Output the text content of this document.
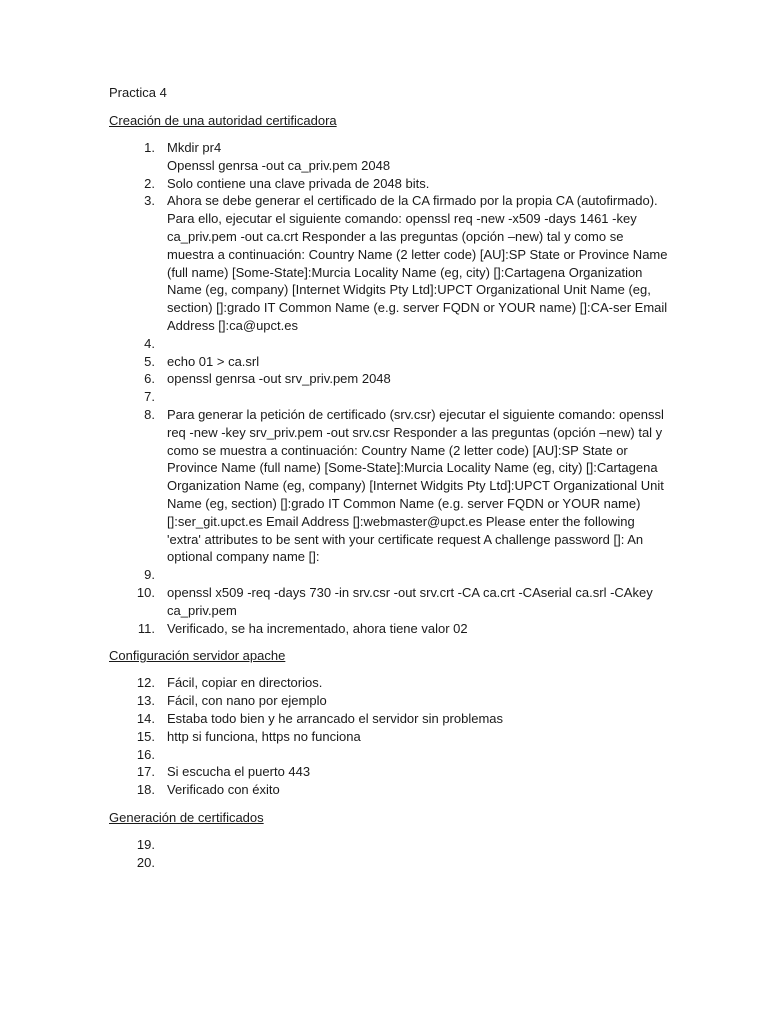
Practica 4

Creación de una autoridad certificadora

1. Mkdir pr4
Openssl genrsa -out ca_priv.pem 2048
2. Solo contiene una clave privada de 2048 bits.
3. Ahora se debe generar el certificado de la CA firmado por la propia CA (autofirmado). Para ello, ejecutar el siguiente comando: openssl req -new -x509 -days 1461 -key ca_priv.pem -out ca.crt Responder a las preguntas (opción –new) tal y como se muestra a continuación: Country Name (2 letter code) [AU]:SP State or Province Name (full name) [Some-State]:Murcia Locality Name (eg, city) []:Cartagena Organization Name (eg, company) [Internet Widgits Pty Ltd]:UPCT Organizational Unit Name (eg, section) []:grado IT Common Name (e.g. server FQDN or YOUR name) []:CA-ser Email Address []:ca@upct.es
4.
5. echo 01 > ca.srl
6. openssl genrsa -out srv_priv.pem 2048
7.
8. Para generar la petición de certificado (srv.csr) ejecutar el siguiente comando: openssl req -new -key srv_priv.pem -out srv.csr Responder a las preguntas (opción –new) tal y como se muestra a continuación: Country Name (2 letter code) [AU]:SP State or Province Name (full name) [Some-State]:Murcia Locality Name (eg, city) []:Cartagena Organization Name (eg, company) [Internet Widgits Pty Ltd]:UPCT Organizational Unit Name (eg, section) []:grado IT Common Name (e.g. server FQDN or YOUR name) []:ser_git.upct.es Email Address []:webmaster@upct.es Please enter the following 'extra' attributes to be sent with your certificate request A challenge password []: An optional company name []:
9.
10. openssl x509 -req -days 730 -in srv.csr -out srv.crt -CA ca.crt -CAserial ca.srl -CAkey ca_priv.pem
11. Verificado, se ha incrementado, ahora tiene valor 02

Configuración servidor apache

12. Fácil, copiar en directorios.
13. Fácil, con nano por ejemplo
14. Estaba todo bien y he arrancado el servidor sin problemas
15. http si funciona, https no funciona
16.
17. Si escucha el puerto 443
18. Verificado con éxito

Generación de certificados

19.
20.
